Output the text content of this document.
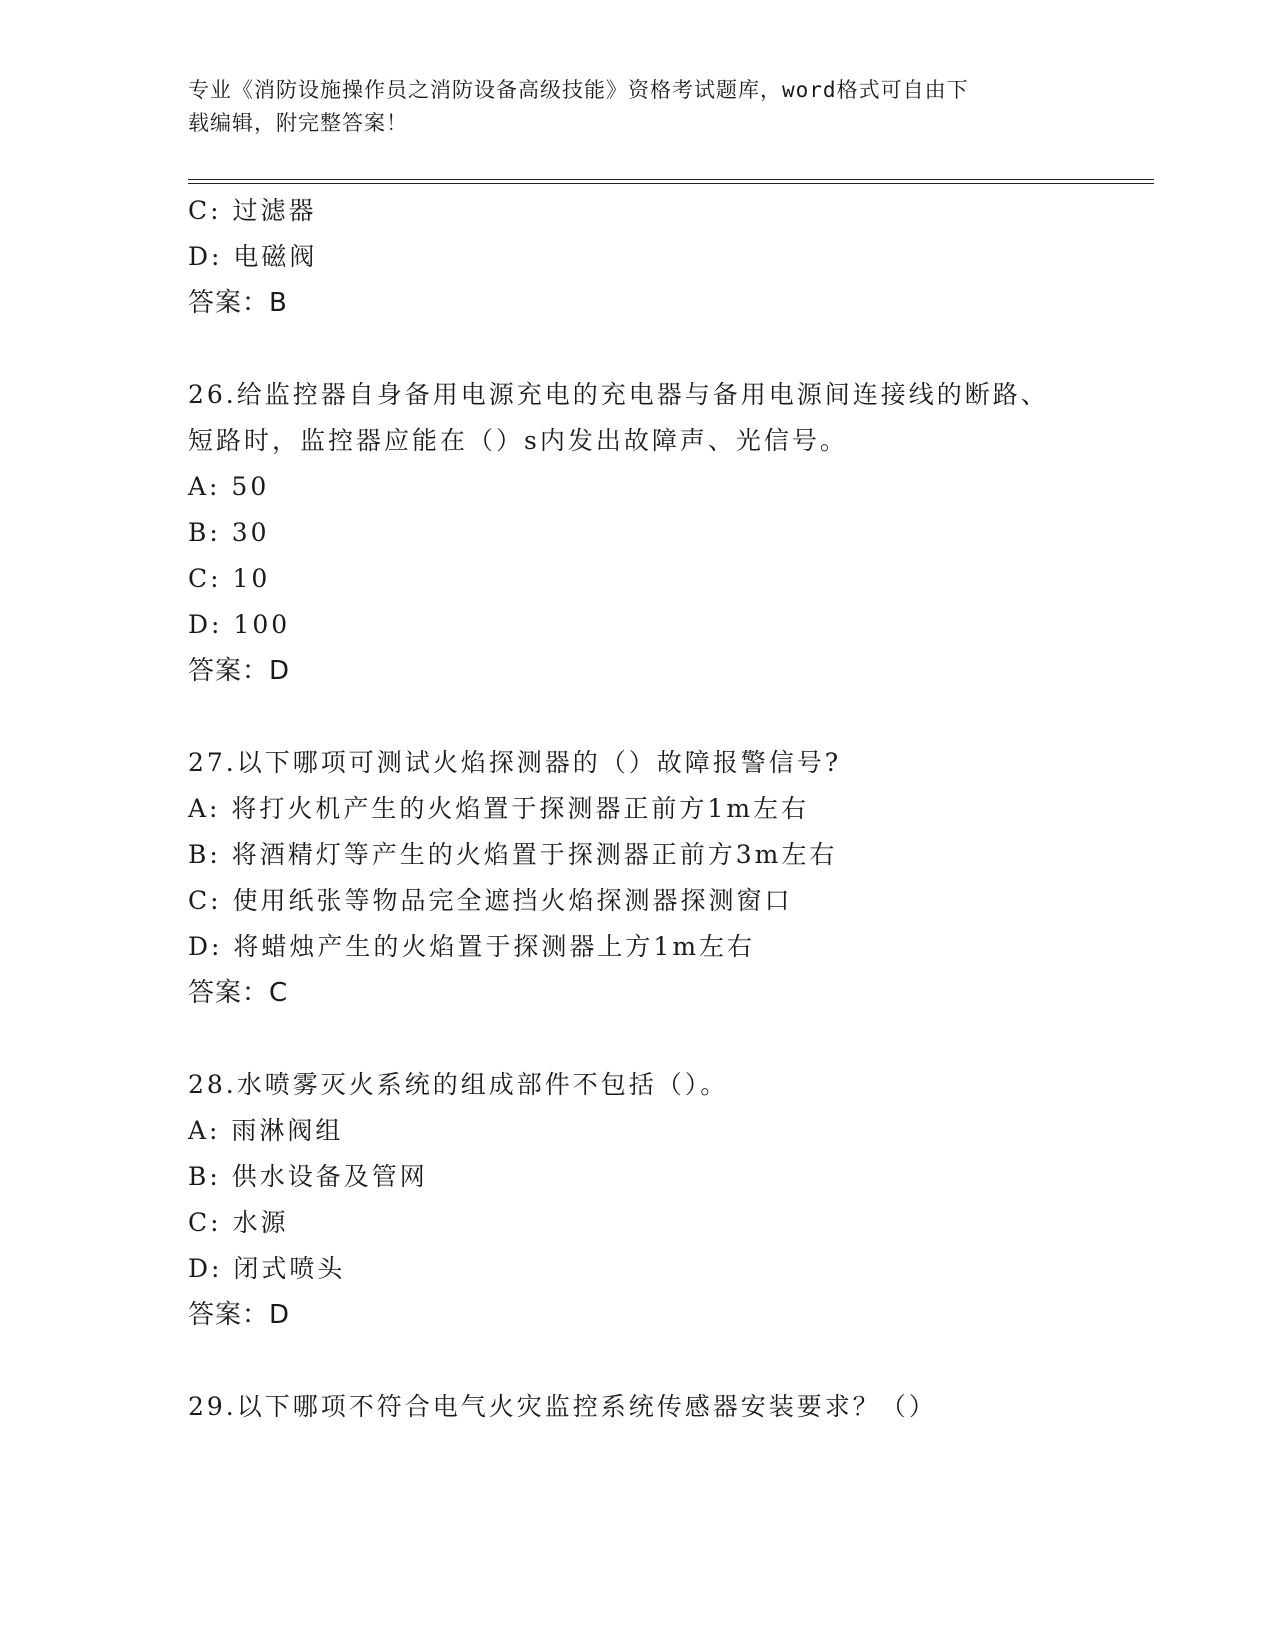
专业《消防设施操作员之消防设备高级技能》资格考试题库，word格式可自由下
载编辑，附完整答案！
C: 过滤器
D: 电磁阀
答案：B
26.给监控器自身备用电源充电的充电器与备用电源间连接线的断路、
短路时，监控器应能在（）s内发出故障声、光信号。
A: 50
B: 30
C: 10
D: 100
答案：D
27.以下哪项可测试火焰探测器的（）故障报警信号?
A: 将打火机产生的火焰置于探测器正前方1m左右
B: 将酒精灯等产生的火焰置于探测器正前方3m左右
C: 使用纸张等物品完全遮挡火焰探测器探测窗口
D: 将蜡烛产生的火焰置于探测器上方1m左右
答案：C
28.水喷雾灭火系统的组成部件不包括（）。
A: 雨淋阀组
B: 供水设备及管网
C: 水源
D: 闭式喷头
答案：D
29.以下哪项不符合电气火灾监控系统传感器安装要求？（）
